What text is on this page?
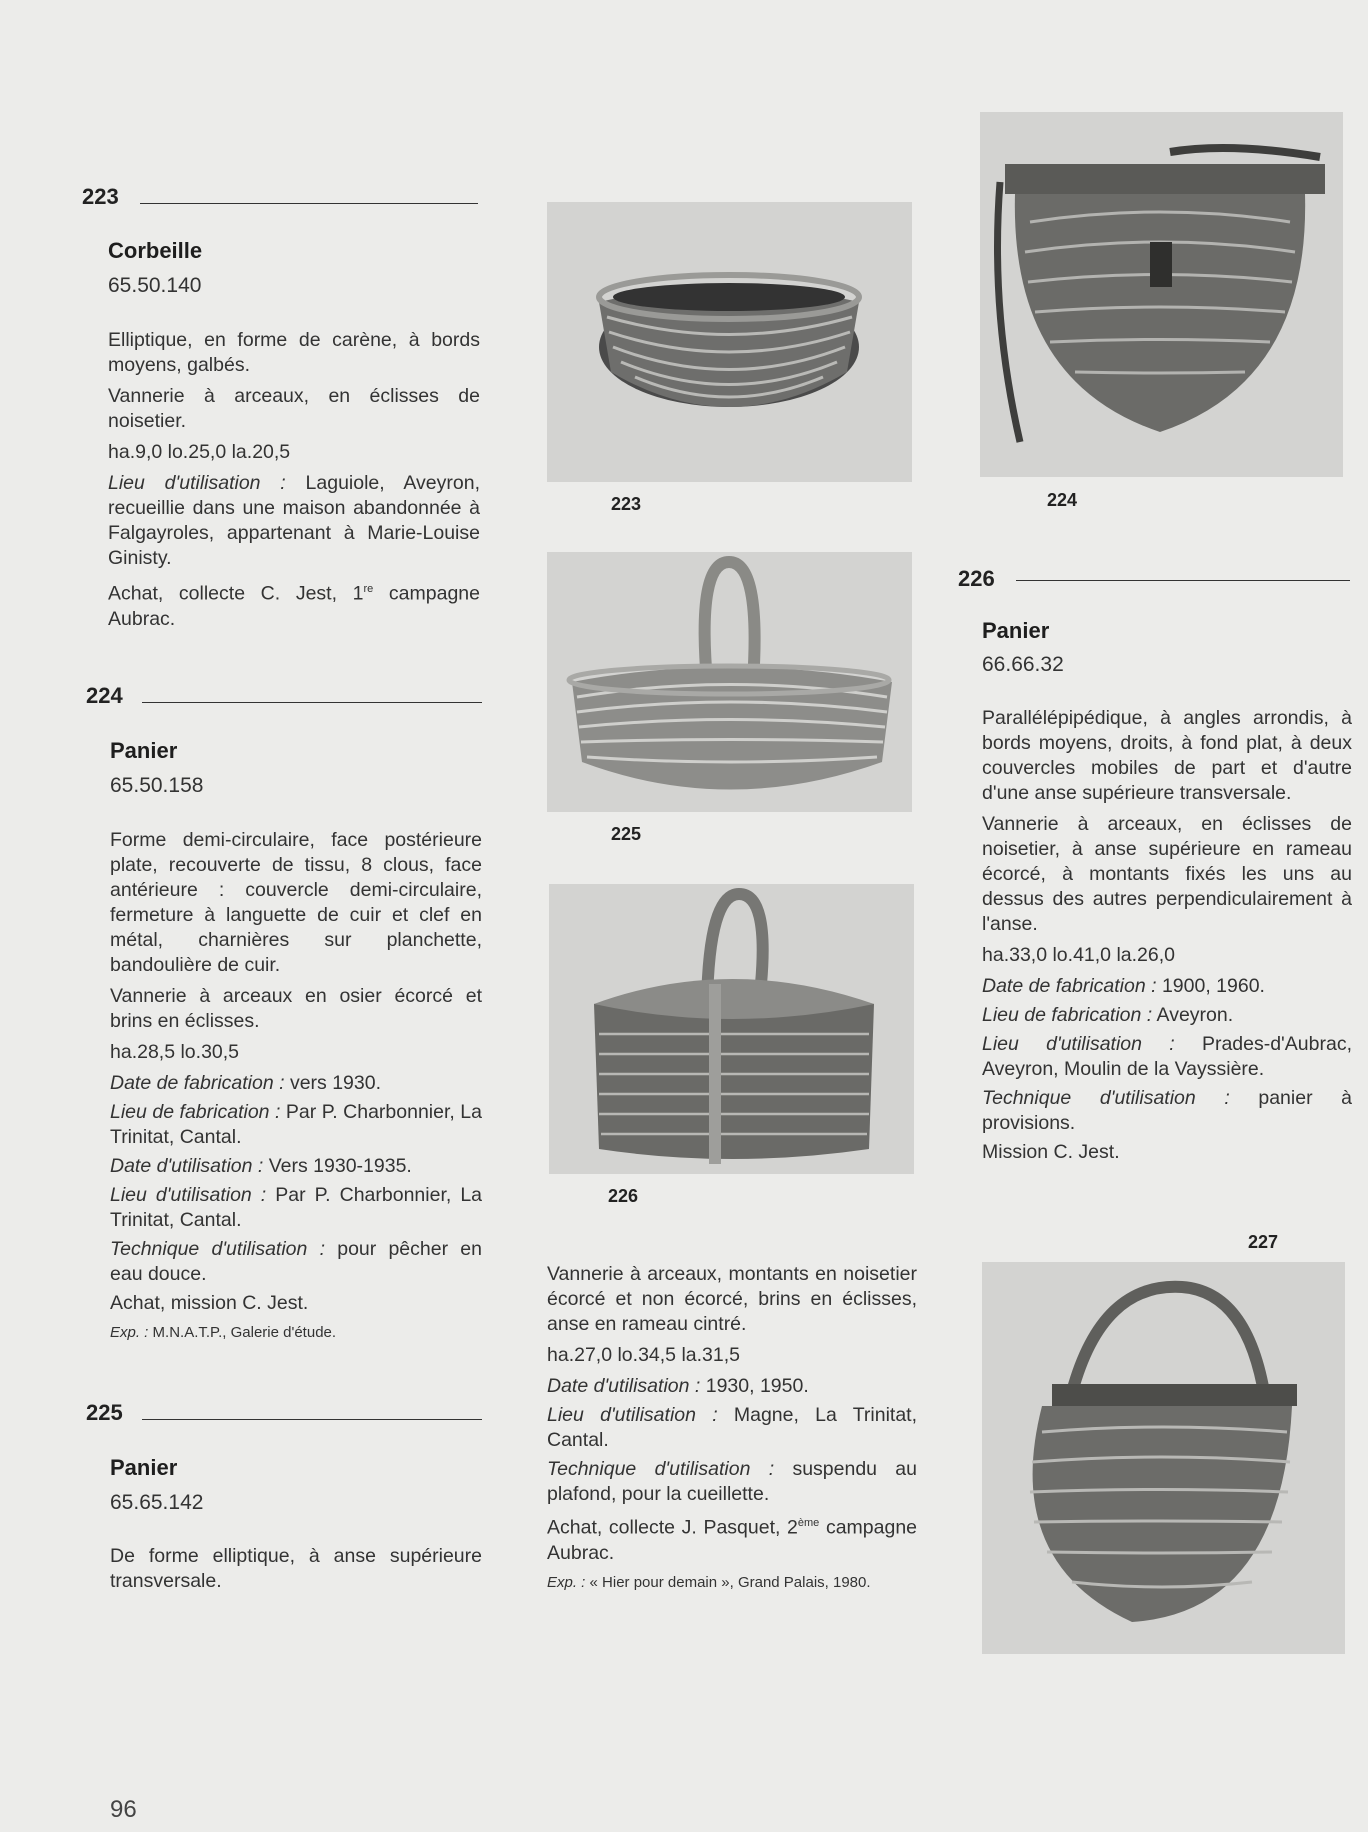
223
Corbeille
65.50.140

Elliptique, en forme de carène, à bords moyens, galbés.

Vannerie à arceaux, en éclisses de noisetier.

ha.9,0 lo.25,0 la.20,5

Lieu d'utilisation : Laguiole, Aveyron, recueillie dans une maison abandonnée à Falgayroles, appartenant à Marie-Louise Ginisty.

Achat, collecte C. Jest, 1re campagne Aubrac.

224
Panier
65.50.158

Forme demi-circulaire, face postérieure plate, recouverte de tissu, 8 clous, face antérieure : couvercle demi-circulaire, fermeture à languette de cuir et clef en métal, charnières sur planchette, bandoulière de cuir.

Vannerie à arceaux en osier écorcé et brins en éclisses.

ha.28,5 lo.30,5

Date de fabrication : vers 1930.

Lieu de fabrication : Par P. Charbonnier, La Trinitat, Cantal.

Date d'utilisation : Vers 1930-1935.

Lieu d'utilisation : Par P. Charbonnier, La Trinitat, Cantal.

Technique d'utilisation : pour pêcher en eau douce.

Achat, mission C. Jest.

Exp. : M.N.A.T.P., Galerie d'étude.

225
Panier
65.65.142

De forme elliptique, à anse supérieure transversale.

96
223
225
226

Vannerie à arceaux, montants en noisetier écorcé et non écorcé, brins en éclisses, anse en rameau cintré.

ha.27,0 lo.34,5 la.31,5

Date d'utilisation : 1930, 1950.

Lieu d'utilisation : Magne, La Trinitat, Cantal.

Technique d'utilisation : suspendu au plafond, pour la cueillette.

Achat, collecte J. Pasquet, 2ème campagne Aubrac.

Exp. : « Hier pour demain », Grand Palais, 1980.

224
226
Panier
66.66.32

Parallélépipédique, à angles arrondis, à bords moyens, droits, à fond plat, à deux couvercles mobiles de part et d'autre d'une anse supérieure transversale.

Vannerie à arceaux, en éclisses de noisetier, à anse supérieure en rameau écorcé, à montants fixés les uns au dessus des autres perpendiculairement à l'anse.

ha.33,0 lo.41,0 la.26,0

Date de fabrication : 1900, 1960.

Lieu de fabrication : Aveyron.

Lieu d'utilisation : Prades-d'Aubrac, Aveyron, Moulin de la Vayssière.

Technique d'utilisation : panier à provisions.

Mission C. Jest.

227
